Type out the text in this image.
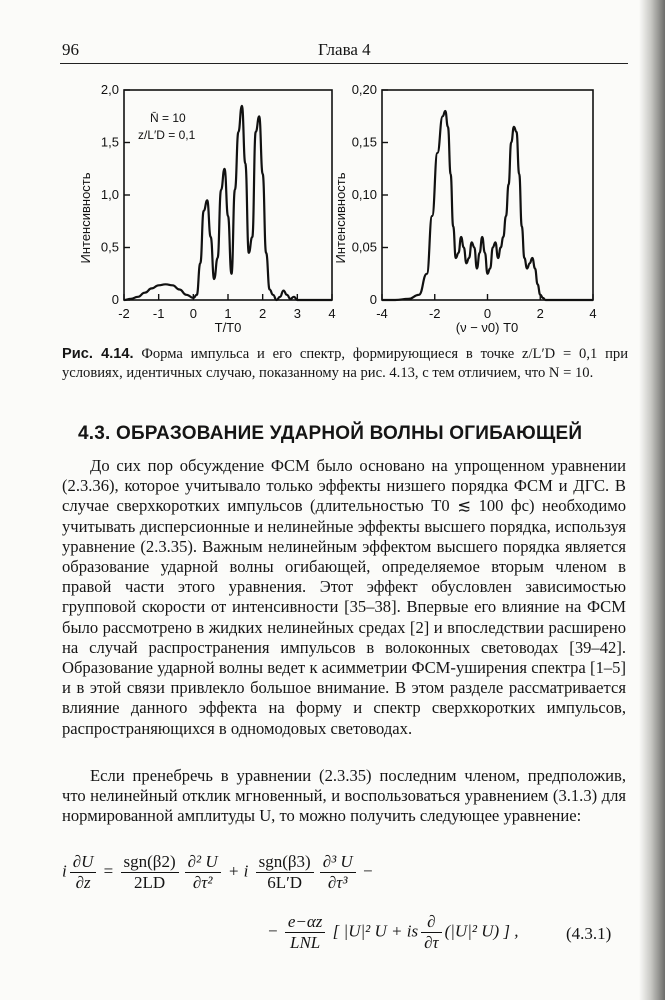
96	Глава 4
-2 -1 0 1 2 3 4
0
0,5
1,0
1,5
2,0
N̄ = 10
z/L′D = 0,1
Интенсивность
T/T0
-4	-2	0	2	4
0
0,05
0,10
0,15
0,20
Интенсивность
(ν − ν0) T0
Рис. 4.14. Форма импульса и его спектр, формирующиеся в точке z/L′D = 0,1 при условиях, идентичных случаю, показанному на рис. 4.13, с тем отличием, что N = 10.
4.3. ОБРАЗОВАНИЕ УДАРНОЙ ВОЛНЫ ОГИБАЮЩЕЙ
До сих пор обсуждение ФСМ было основано на упрощенном уравнении (2.3.36), которое учитывало только эффекты низшего порядка ФСМ и ДГС. В случае сверхкоротких импульсов (длительностью T0 ≲ 100 фс) необходимо учитывать дисперсионные и нелинейные эффекты высшего порядка, используя уравнение (2.3.35). Важным нелинейным эффектом высшего порядка является образование ударной волны огибающей, определяемое вторым членом в правой части этого уравнения. Этот эффект обусловлен зависимостью групповой скорости от интенсивности [35–38]. Впервые его влияние на ФСМ было рассмотрено в жидких нелинейных средах [2] и впоследствии расширено на случай распространения импульсов в волоконных световодах [39–42]. Образование ударной волны ведет к асимметрии ФСМ-уширения спектра [1–5] и в этой связи привлекло большое внимание. В этом разделе рассматривается влияние данного эффекта на форму и спектр сверхкоротких импульсов, распространяющихся в одномодовых световодах.
Если пренебречь в уравнении (2.3.35) последним членом, предположив, что нелинейный отклик мгновенный, и воспользоваться уравнением (3.1.3) для нормированной амплитуды U, то можно получить следующее уравнение:
i $\frac{\partial U}{\partial z} = \frac{\text{sgn(β2)}}{2LD} \frac{\text{∂² U}}{\text{∂τ²}} + i \frac{\text{sgn(β3)}}{6L'D} \frac{\text{∂³ U}}{\text{∂τ³}}$ −
− $\frac{e-\alpha z}{\text{LNL}}$ [ |U|² U + is $\frac{\partial}{\partial\tau} (|U|^2$ U) ] ,	(4.3.1)
